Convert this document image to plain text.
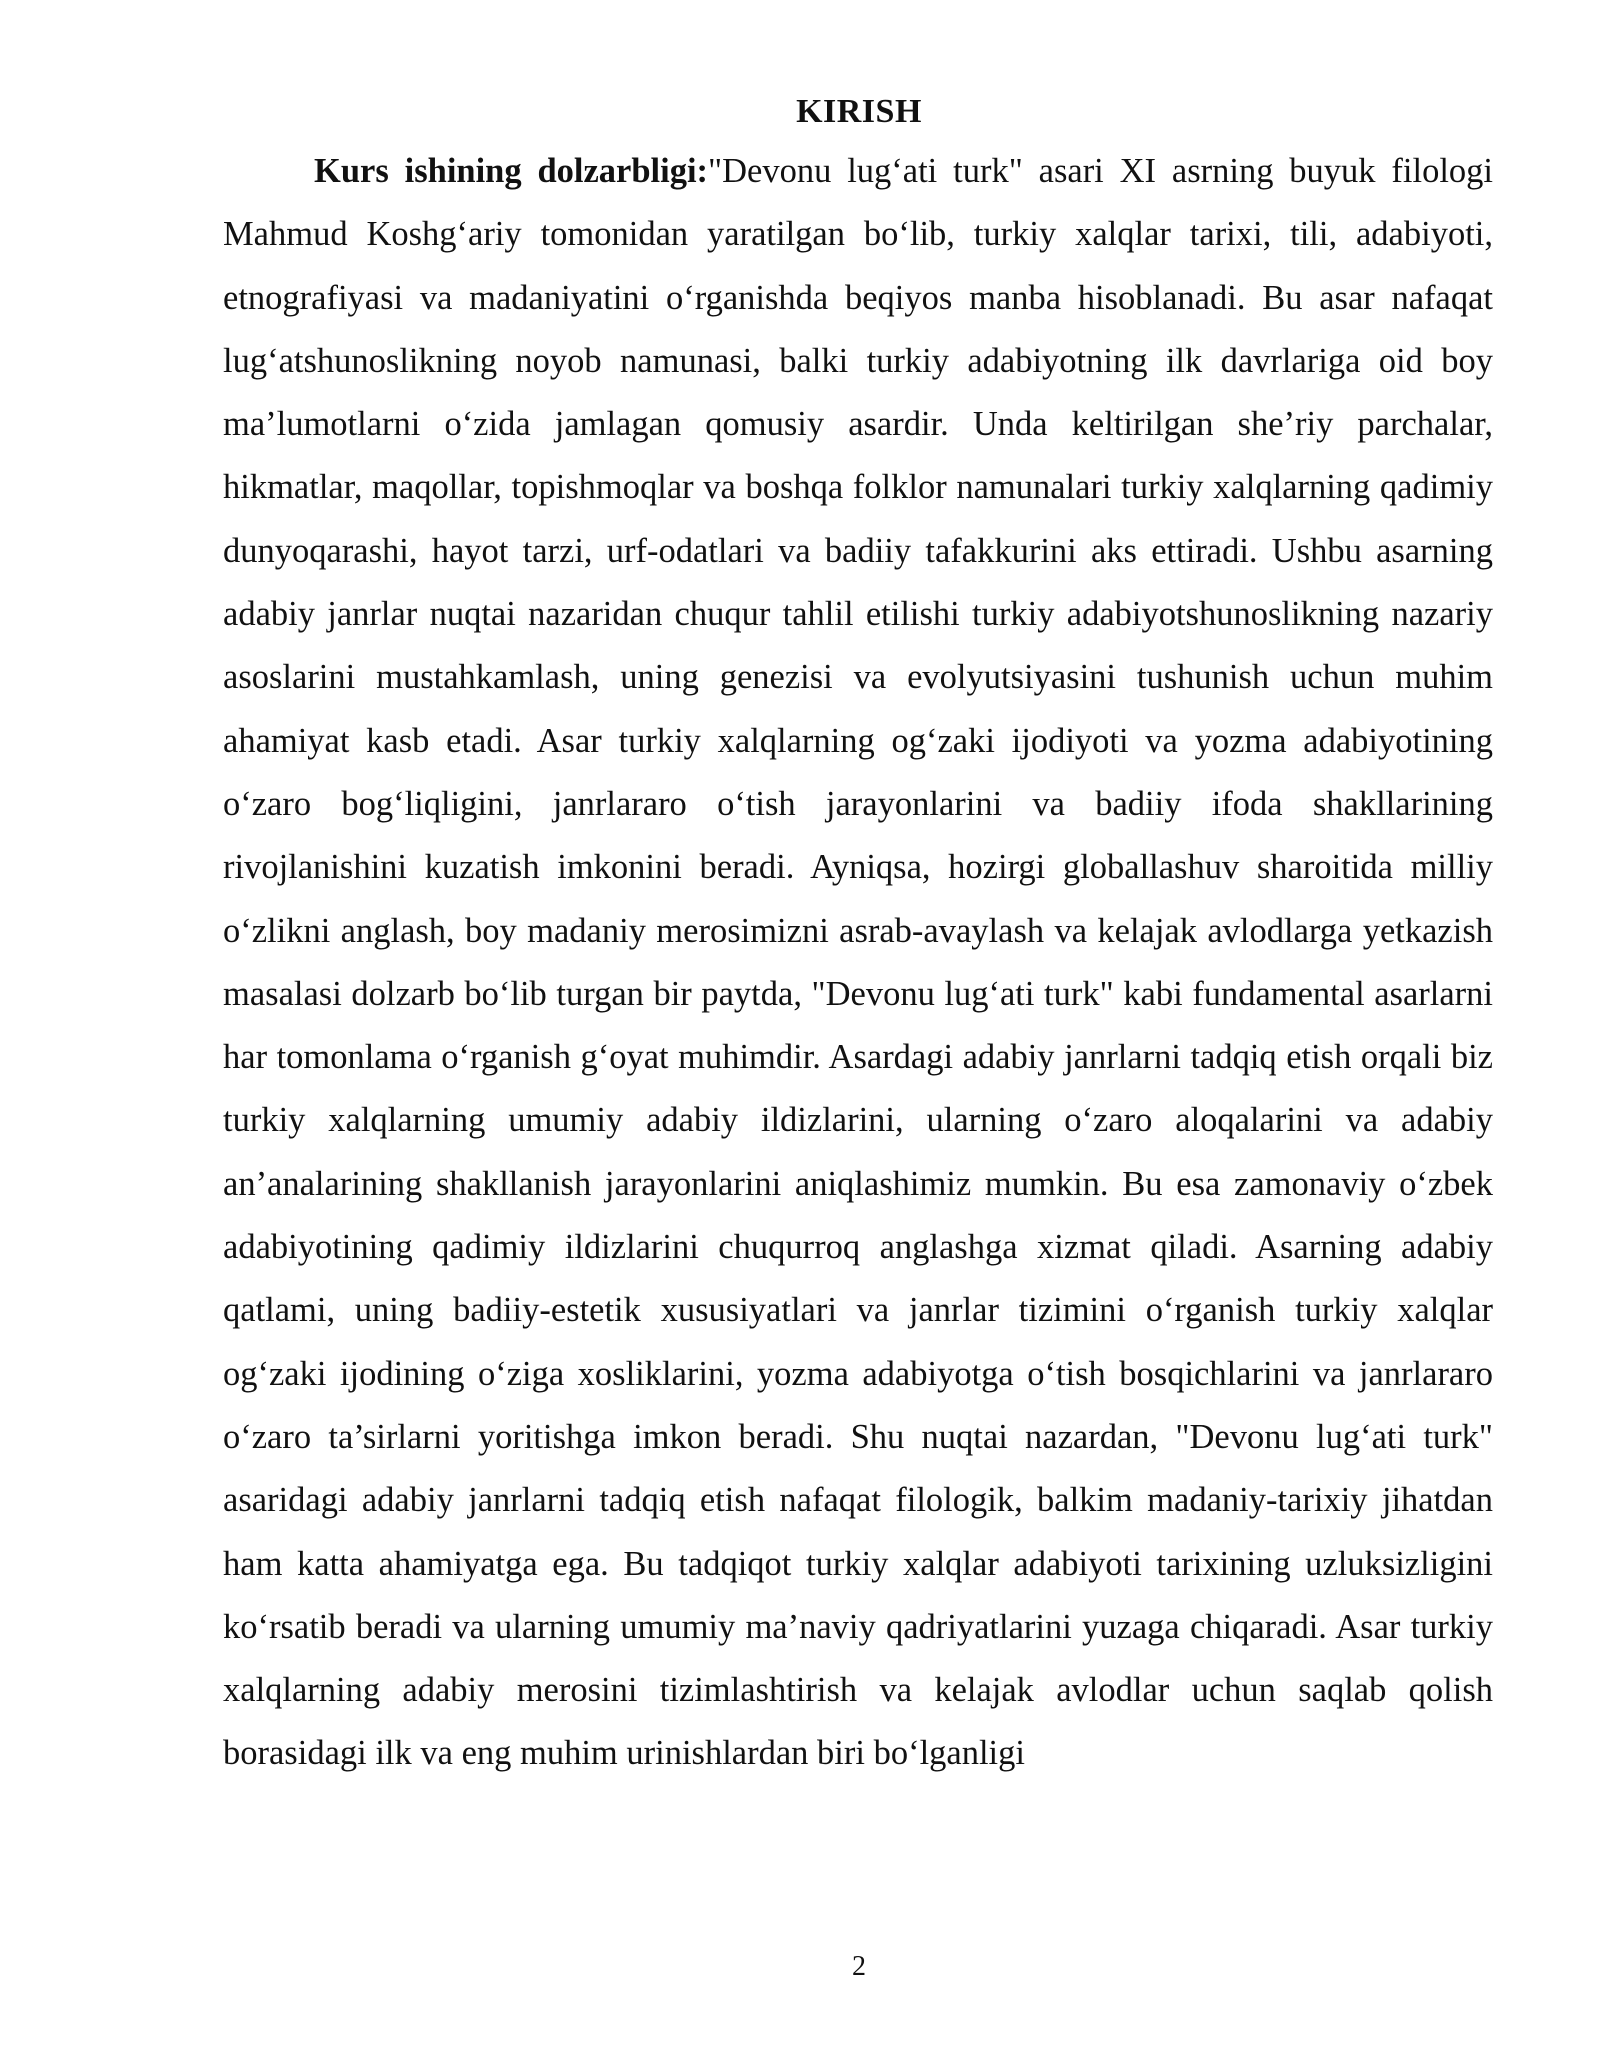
KIRISH

Kurs ishining dolzarbligi:"Devonu lug‘ati turk" asari XI asrning buyuk filologi Mahmud Koshg‘ariy tomonidan yaratilgan bo‘lib, turkiy xalqlar tarixi, tili, adabiyoti, etnografiyasi va madaniyatini o‘rganishda beqiyos manba hisoblanadi. Bu asar nafaqat lug‘atshunoslikning noyob namunasi, balki turkiy adabiyotning ilk davrlariga oid boy ma’lumotlarni o‘zida jamlagan qomusiy asardir. Unda keltirilgan she’riy parchalar, hikmatlar, maqollar, topishmoqlar va boshqa folklor namunalari turkiy xalqlarning qadimiy dunyoqarashi, hayot tarzi, urf-odatlari va badiiy tafakkurini aks ettiradi. Ushbu asarning adabiy janrlar nuqtai nazaridan chuqur tahlil etilishi turkiy adabiyotshunoslikning nazariy asoslarini mustahkamlash, uning genezisi va evolyutsiyasini tushunish uchun muhim ahamiyat kasb etadi. Asar turkiy xalqlarning og‘zaki ijodiyoti va yozma adabiyotining o‘zaro bog‘liqligini, janrlararo o‘tish jarayonlarini va badiiy ifoda shakllarining rivojlanishini kuzatish imkonini beradi. Ayniqsa, hozirgi globallashuv sharoitida milliy o‘zlikni anglash, boy madaniy merosimizni asrab-avaylash va kelajak avlodlarga yetkazish masalasi dolzarb bo‘lib turgan bir paytda, "Devonu lug‘ati turk" kabi fundamental asarlarni har tomonlama o‘rganish g‘oyat muhimdir. Asardagi adabiy janrlarni tadqiq etish orqali biz turkiy xalqlarning umumiy adabiy ildizlarini, ularning o‘zaro aloqalarini va adabiy an’analarining shakllanish jarayonlarini aniqlashimiz mumkin. Bu esa zamonaviy o‘zbek adabiyotining qadimiy ildizlarini chuqurroq anglashga xizmat qiladi. Asarning adabiy qatlami, uning badiiy-estetik xususiyatlari va janrlar tizimini o‘rganish turkiy xalqlar og‘zaki ijodining o‘ziga xosliklarini, yozma adabiyotga o‘tish bosqichlarini va janrlararo o‘zaro ta’sirlarni yoritishga imkon beradi. Shu nuqtai nazardan, "Devonu lug‘ati turk" asaridagi adabiy janrlarni tadqiq etish nafaqat filologik, balkim madaniy-tarixiy jihatdan ham katta ahamiyatga ega. Bu tadqiqot turkiy xalqlar adabiyoti tarixining uzluksizligini ko‘rsatib beradi va ularning umumiy ma’naviy qadriyatlarini yuzaga chiqaradi. Asar turkiy xalqlarning adabiy merosini tizimlashtirish va kelajak avlodlar uchun saqlab qolish borasidagi ilk va eng muhim urinishlardan biri bo‘lganligi

2
